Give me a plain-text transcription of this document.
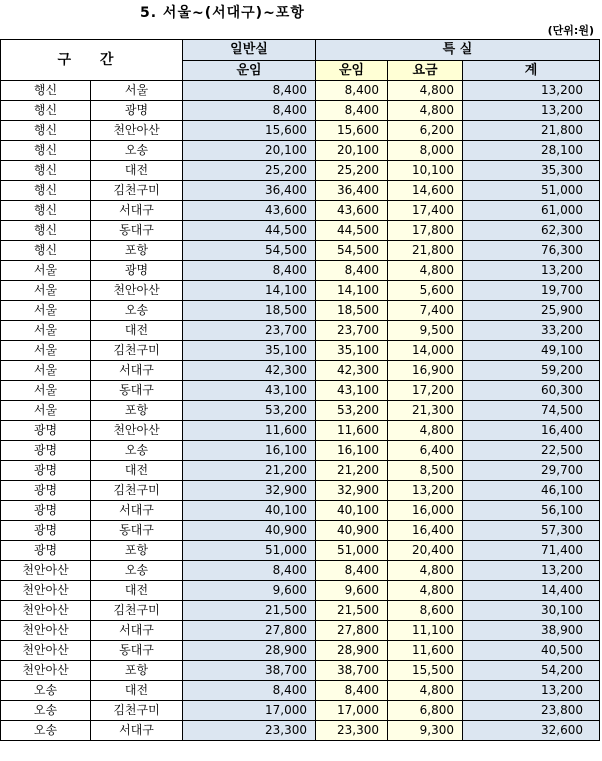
5. 서울~(서대구)~포항
(단위:원)
구 간		일반실	특 실		
		운임	운임	요금	계
행신	서울	8,400	8,400	4,800	13,200
행신	광명	8,400	8,400	4,800	13,200
행신	천안아산	15,600	15,600	6,200	21,800
행신	오송	20,100	20,100	8,000	28,100
행신	대전	25,200	25,200	10,100	35,300
행신	김천구미	36,400	36,400	14,600	51,000
행신	서대구	43,600	43,600	17,400	61,000
행신	동대구	44,500	44,500	17,800	62,300
행신	포항	54,500	54,500	21,800	76,300
서울	광명	8,400	8,400	4,800	13,200
서울	천안아산	14,100	14,100	5,600	19,700
서울	오송	18,500	18,500	7,400	25,900
서울	대전	23,700	23,700	9,500	33,200
서울	김천구미	35,100	35,100	14,000	49,100
서울	서대구	42,300	42,300	16,900	59,200
서울	동대구	43,100	43,100	17,200	60,300
서울	포항	53,200	53,200	21,300	74,500
광명	천안아산	11,600	11,600	4,800	16,400
광명	오송	16,100	16,100	6,400	22,500
광명	대전	21,200	21,200	8,500	29,700
광명	김천구미	32,900	32,900	13,200	46,100
광명	서대구	40,100	40,100	16,000	56,100
광명	동대구	40,900	40,900	16,400	57,300
광명	포항	51,000	51,000	20,400	71,400
천안아산	오송	8,400	8,400	4,800	13,200
천안아산	대전	9,600	9,600	4,800	14,400
천안아산	김천구미	21,500	21,500	8,600	30,100
천안아산	서대구	27,800	27,800	11,100	38,900
천안아산	동대구	28,900	28,900	11,600	40,500
천안아산	포항	38,700	38,700	15,500	54,200
오송	대전	8,400	8,400	4,800	13,200
오송	김천구미	17,000	17,000	6,800	23,800
오송	서대구	23,300	23,300	9,300	32,600
